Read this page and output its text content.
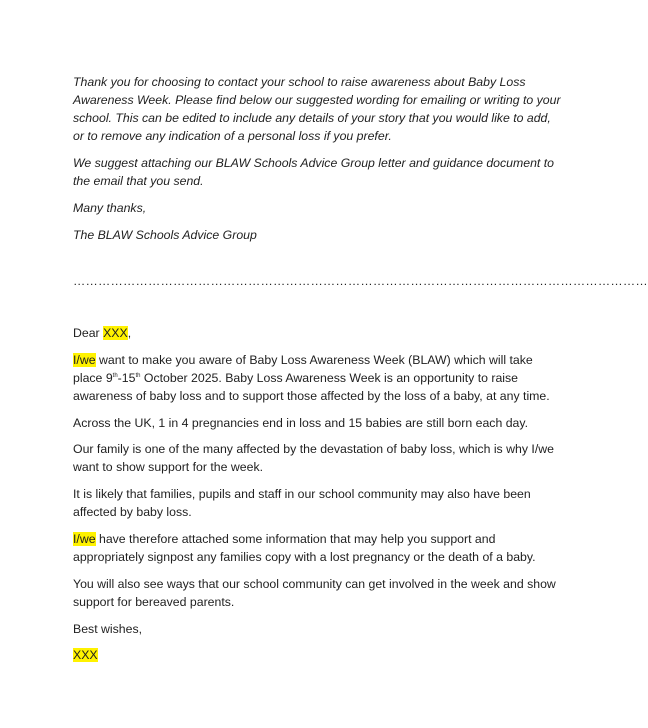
Thank you for choosing to contact your school to raise awareness about Baby Loss Awareness Week. Please find below our suggested wording for emailing or writing to your school. This can be edited to include any details of your story that you would like to add, or to remove any indication of a personal loss if you prefer.

We suggest attaching our BLAW Schools Advice Group letter and guidance document to the email that you send.

Many thanks,

The BLAW Schools Advice Group

…………………………………………………………………………………………………………………………

Dear XXX,

I/we want to make you aware of Baby Loss Awareness Week (BLAW) which will take place 9th-15th October 2025. Baby Loss Awareness Week is an opportunity to raise awareness of baby loss and to support those affected by the loss of a baby, at any time.

Across the UK, 1 in 4 pregnancies end in loss and 15 babies are still born each day.

Our family is one of the many affected by the devastation of baby loss, which is why I/we want to show support for the week.

It is likely that families, pupils and staff in our school community may also have been affected by baby loss.

I/we have therefore attached some information that may help you support and appropriately signpost any families copy with a lost pregnancy or the death of a baby.

You will also see ways that our school community can get involved in the week and show support for bereaved parents.

Best wishes,

XXX
